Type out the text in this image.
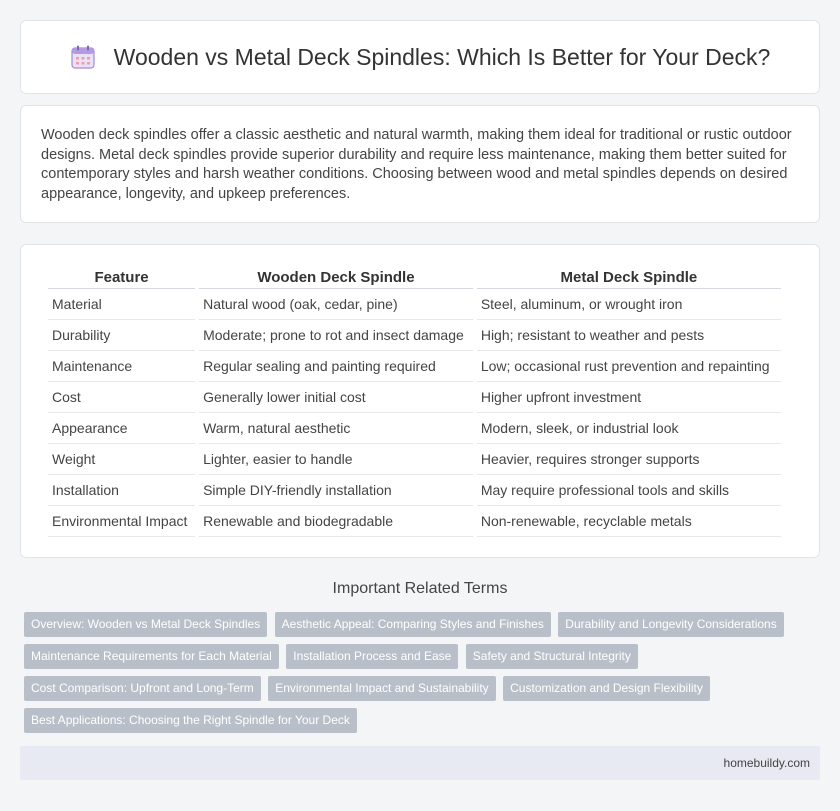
Wooden vs Metal Deck Spindles: Which Is Better for Your Deck?

Wooden deck spindles offer a classic aesthetic and natural warmth, making them ideal for traditional or rustic outdoor designs. Metal deck spindles provide superior durability and require less maintenance, making them better suited for contemporary styles and harsh weather conditions. Choosing between wood and metal spindles depends on desired appearance, longevity, and upkeep preferences.

Feature	Wooden Deck Spindle	Metal Deck Spindle
Material	Natural wood (oak, cedar, pine)	Steel, aluminum, or wrought iron
Durability	Moderate; prone to rot and insect damage	High; resistant to weather and pests
Maintenance	Regular sealing and painting required	Low; occasional rust prevention and repainting
Cost	Generally lower initial cost	Higher upfront investment
Appearance	Warm, natural aesthetic	Modern, sleek, or industrial look
Weight	Lighter, easier to handle	Heavier, requires stronger supports
Installation	Simple DIY-friendly installation	May require professional tools and skills
Environmental Impact	Renewable and biodegradable	Non-renewable, recyclable metals
Important Related Terms
Overview: Wooden vs Metal Deck Spindles Aesthetic Appeal: Comparing Styles and Finishes Durability and Longevity Considerations Maintenance Requirements for Each Material Installation Process and Ease Safety and Structural Integrity Cost Comparison: Upfront and Long-Term Environmental Impact and Sustainability Customization and Design Flexibility Best Applications: Choosing the Right Spindle for Your Deck
homebuildy.com
